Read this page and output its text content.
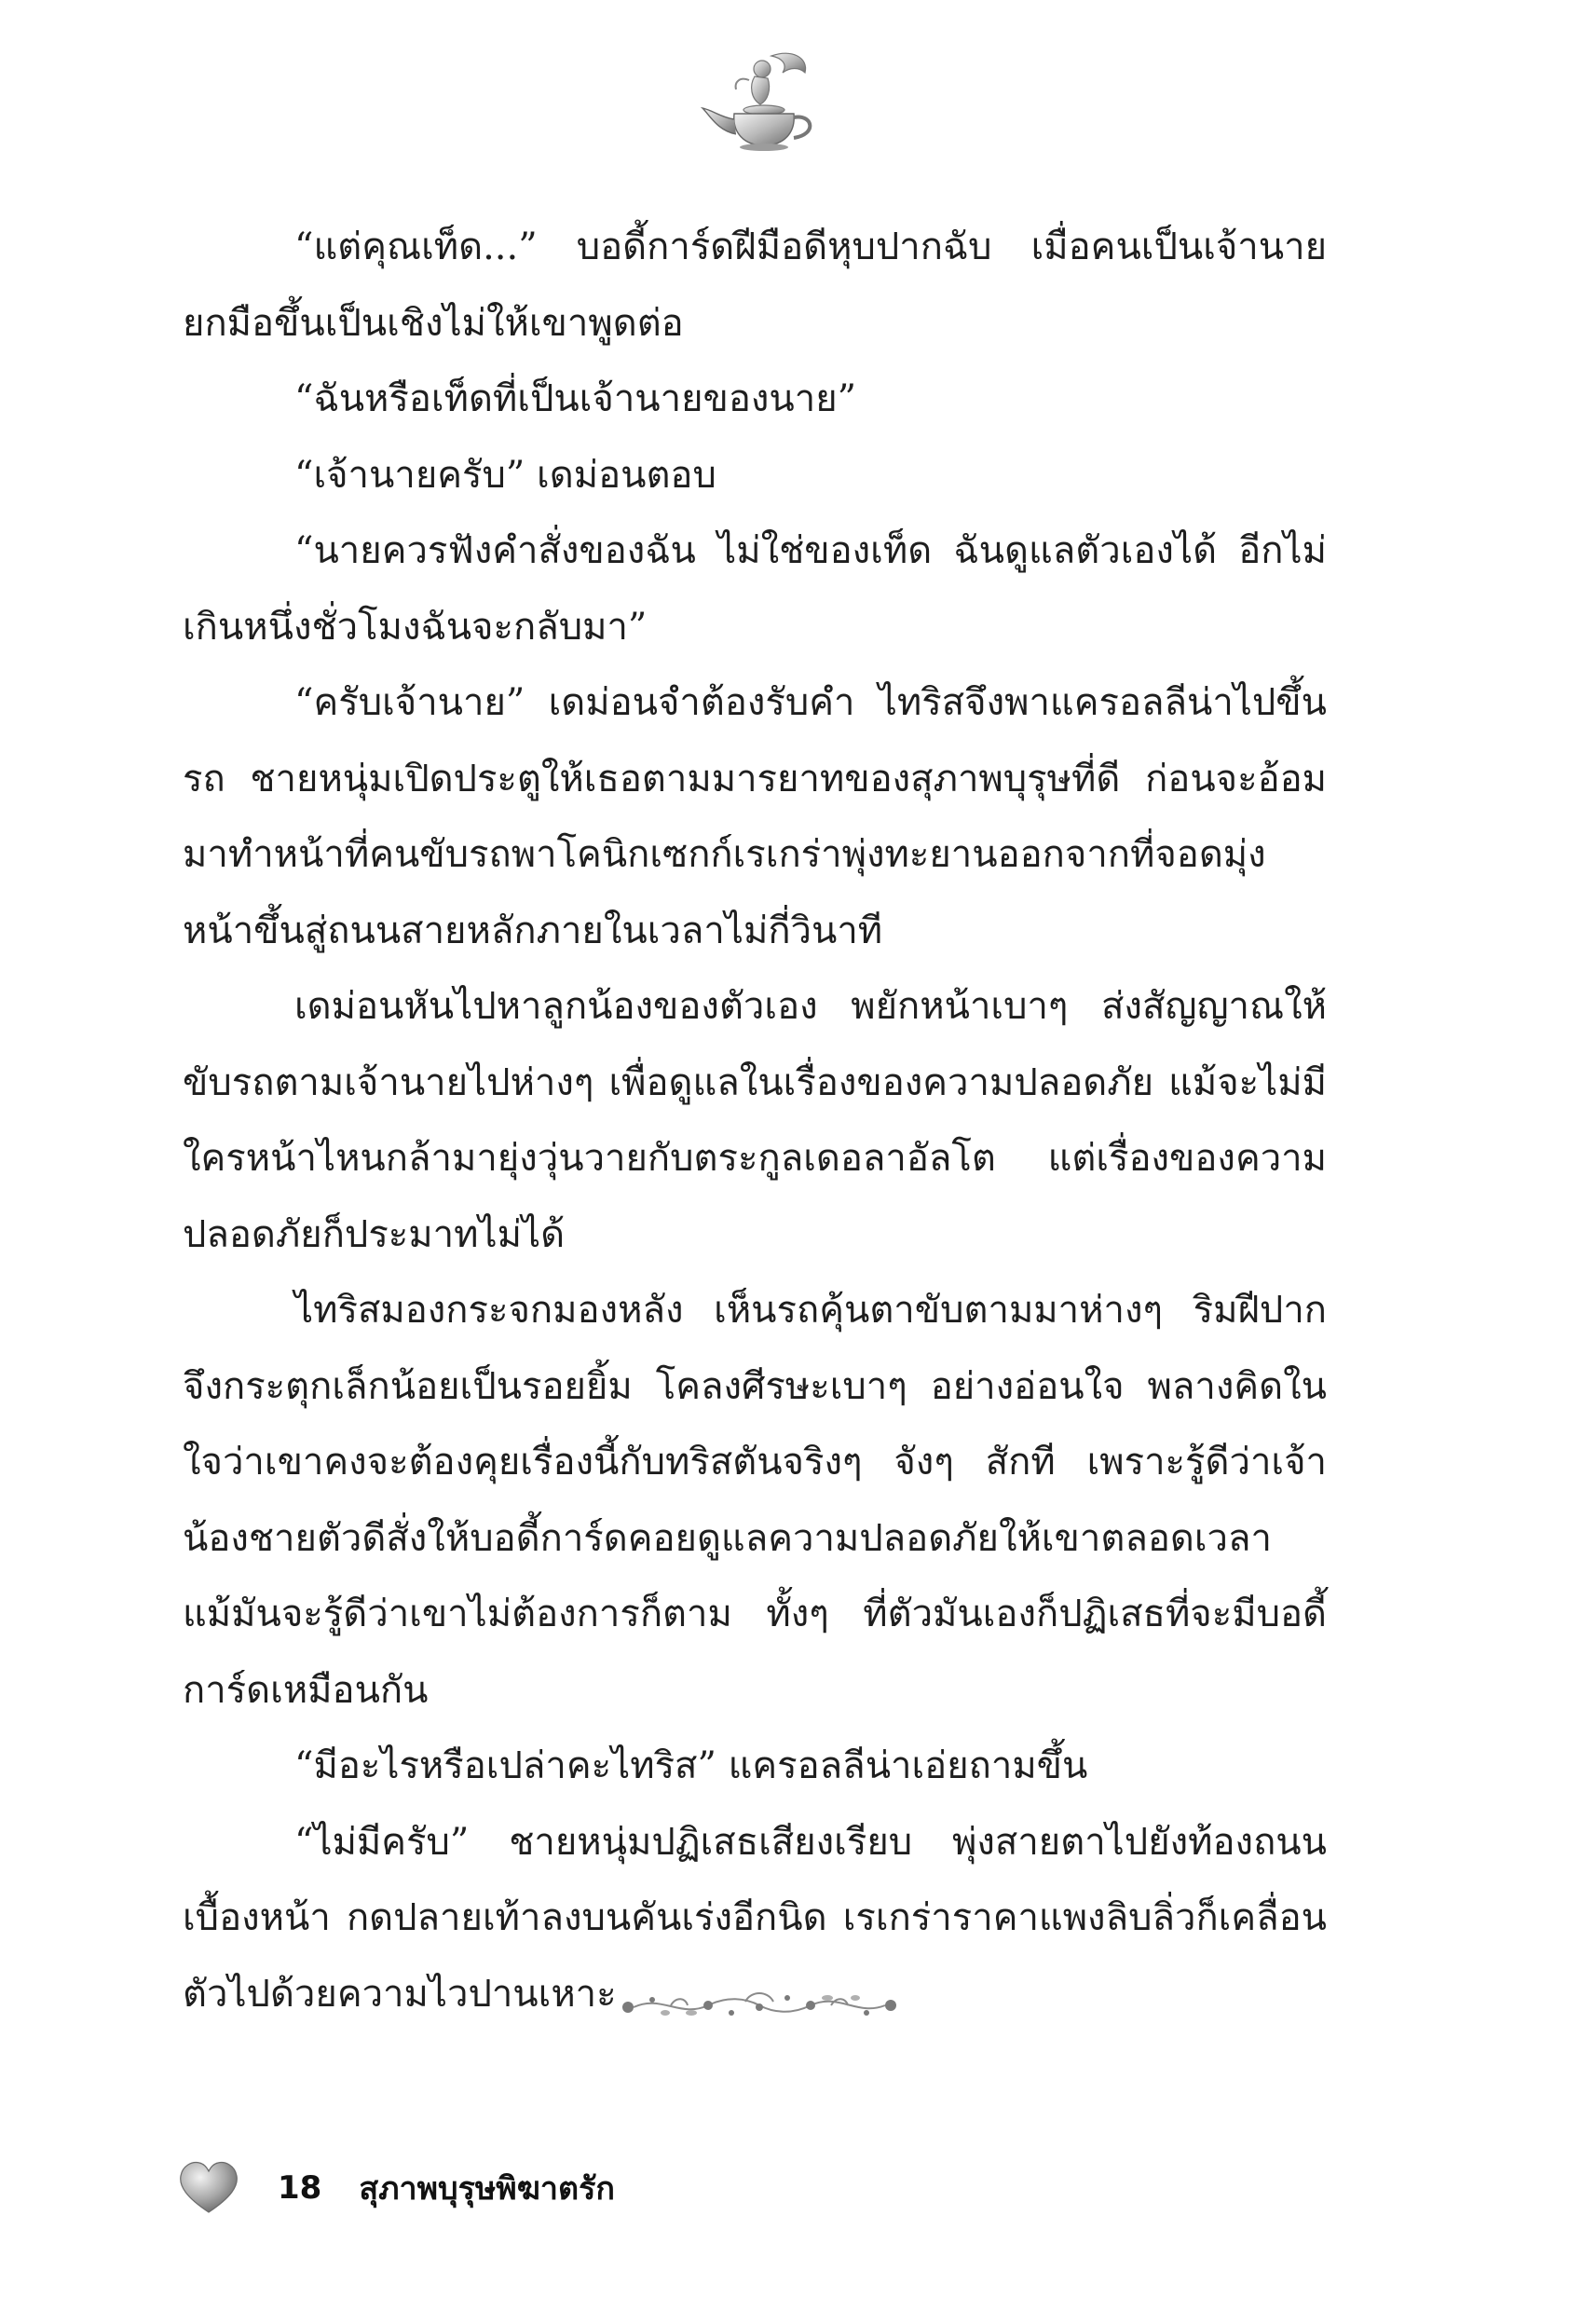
“แต่คุณเท็ด...” บอดี้การ์ดฝีมือดีหุบปากฉับ เมื่อคนเป็นเจ้านายยกมือขึ้นเป็นเชิงไม่ให้เขาพูดต่อ

“ฉันหรือเท็ดที่เป็นเจ้านายของนาย”

“เจ้านายครับ” เดม่อนตอบ

“นายควรฟังคำสั่งของฉัน ไม่ใช่ของเท็ด ฉันดูแลตัวเองได้ อีกไม่เกินหนึ่งชั่วโมงฉันจะกลับมา”

“ครับเจ้านาย” เดม่อนจำต้องรับคำ ไทริสจึงพาแครอลลีน่าไปขึ้นรถ ชายหนุ่มเปิดประตูให้เธอตามมารยาทของสุภาพบุรุษที่ดี ก่อนจะอ้อมมาทำหน้าที่คนขับรถพาโคนิกเซกก์เรเกร่าพุ่งทะยานออกจากที่จอดมุ่งหน้าขึ้นสู่ถนนสายหลักภายในเวลาไม่กี่วินาที

เดม่อนหันไปหาลูกน้องของตัวเอง พยักหน้าเบาๆ ส่งสัญญาณให้ขับรถตามเจ้านายไปห่างๆ เพื่อดูแลในเรื่องของความปลอดภัย แม้จะไม่มีใครหน้าไหนกล้ามายุ่งวุ่นวายกับตระกูลเดอลาอัลโต แต่เรื่องของความปลอดภัยก็ประมาทไม่ได้

ไทริสมองกระจกมองหลัง เห็นรถคุ้นตาขับตามมาห่างๆ ริมฝีปากจึงกระตุกเล็กน้อยเป็นรอยยิ้ม โคลงศีรษะเบาๆ อย่างอ่อนใจ พลางคิดในใจว่าเขาคงจะต้องคุยเรื่องนี้กับทริสตันจริงๆ จังๆ สักที เพราะรู้ดีว่าเจ้าน้องชายตัวดีสั่งให้บอดี้การ์ดคอยดูแลความปลอดภัยให้เขาตลอดเวลา แม้มันจะรู้ดีว่าเขาไม่ต้องการก็ตาม ทั้งๆ ที่ตัวมันเองก็ปฏิเสธที่จะมีบอดี้การ์ดเหมือนกัน

“มีอะไรหรือเปล่าคะไทริส” แครอลลีน่าเอ่ยถามขึ้น

“ไม่มีครับ” ชายหนุ่มปฏิเสธเสียงเรียบ พุ่งสายตาไปยังท้องถนนเบื้องหน้า กดปลายเท้าลงบนคันเร่งอีกนิด เรเกร่าราคาแพงลิบลิ่วก็เคลื่อนตัวไปด้วยความไวปานเหาะ

18 สุภาพบุรุษพิฆาตรัก
